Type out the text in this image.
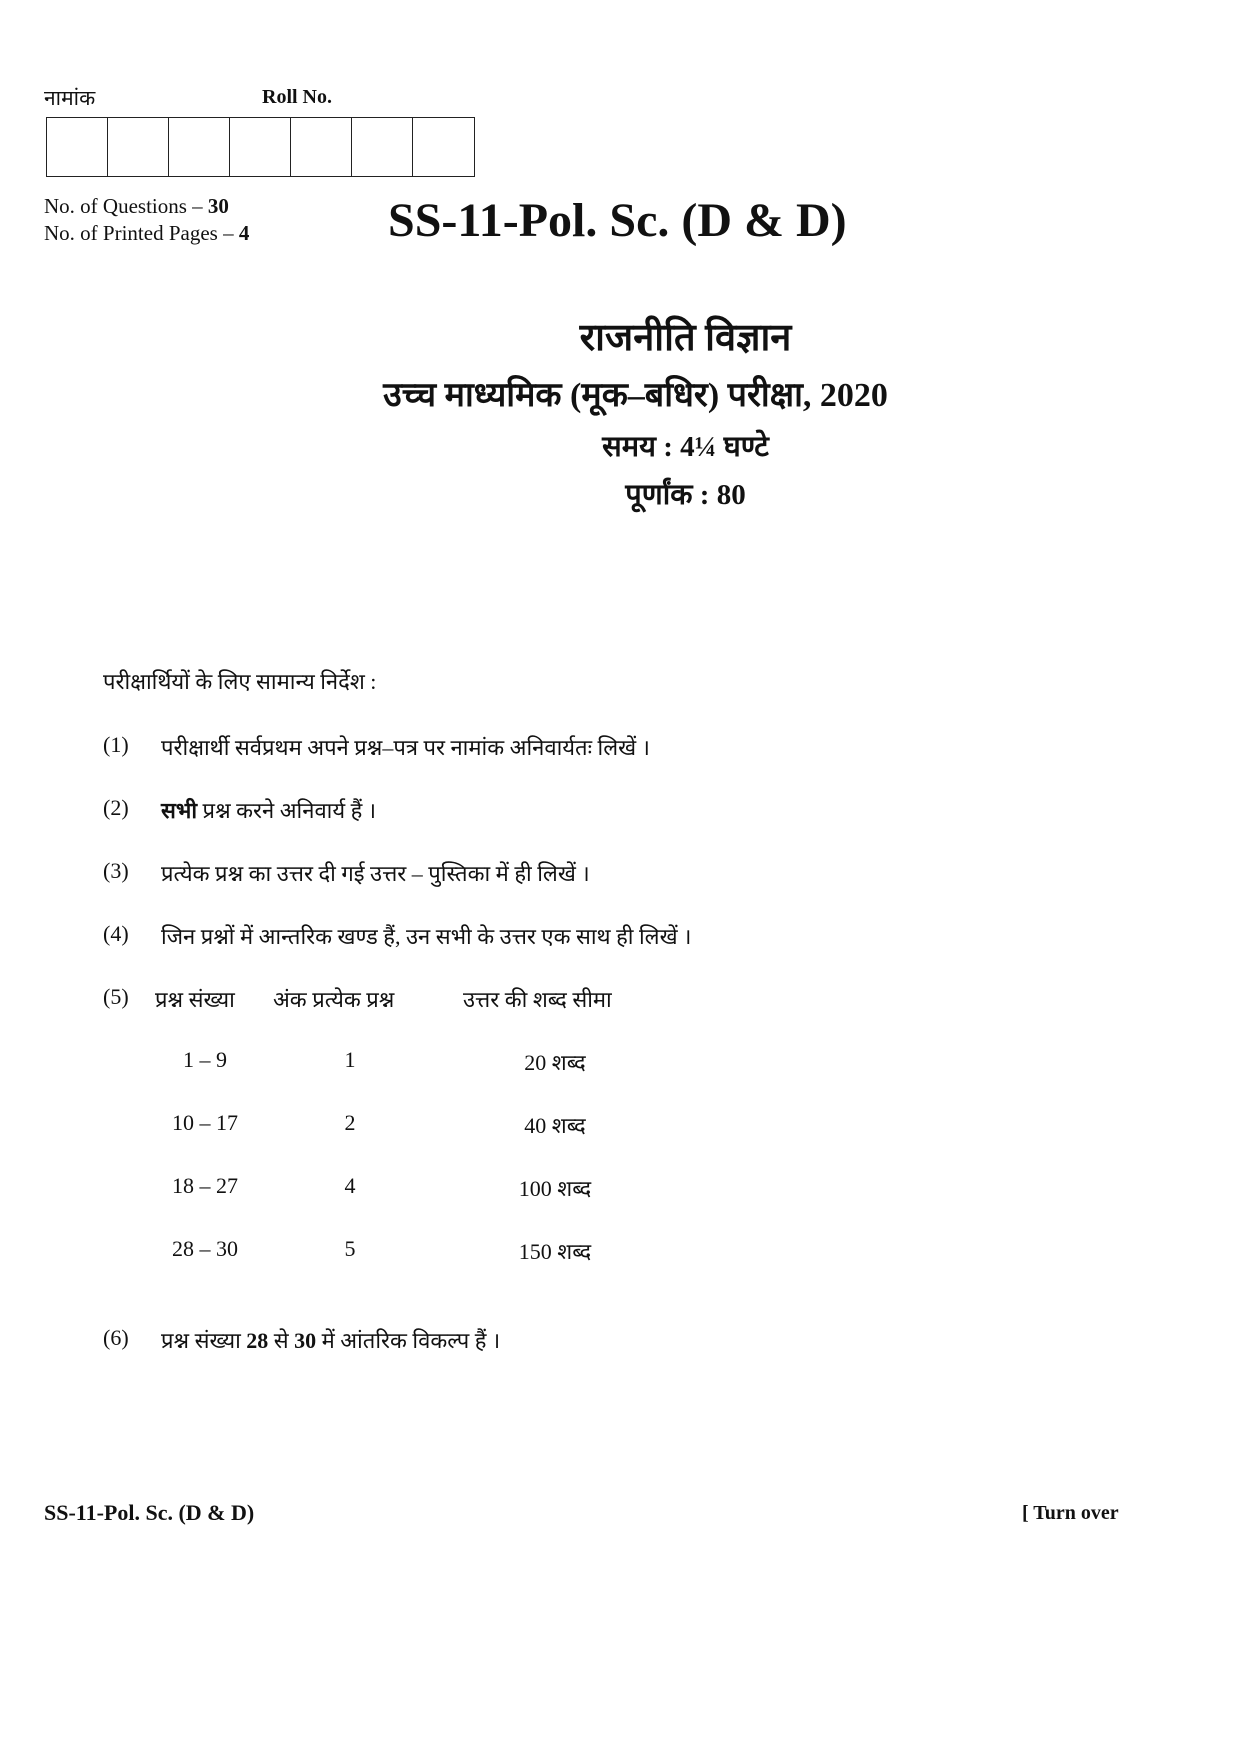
नामांक	Roll No.
No. of Questions – 30
No. of Printed Pages – 4	SS-11-Pol. Sc. (D & D)
राजनीति विज्ञान
उच्च माध्यमिक (मूक–बधिर) परीक्षा, 2020
समय : 4¼ घण्टे
पूर्णांक : 80
परीक्षार्थियों के लिए सामान्य निर्देश :
(1)	परीक्षार्थी सर्वप्रथम अपने प्रश्न–पत्र पर नामांक अनिवार्यतः लिखें ।
(2)	सभी प्रश्न करने अनिवार्य हैं ।
(3)	प्रत्येक प्रश्न का उत्तर दी गई उत्तर – पुस्तिका में ही लिखें ।
(4)	जिन प्रश्नों में आन्तरिक खण्ड हैं, उन सभी के उत्तर एक साथ ही लिखें ।
(5)	प्रश्न संख्या	अंक प्रत्येक प्रश्न	उत्तर की शब्द सीमा
1 – 9	1	20 शब्द
10 – 17	2	40 शब्द
18 – 27	4	100 शब्द
28 – 30	5	150 शब्द
(6)	प्रश्न संख्या 28 से 30 में आंतरिक विकल्प हैं ।
SS-11-Pol. Sc. (D & D)	[ Turn over
